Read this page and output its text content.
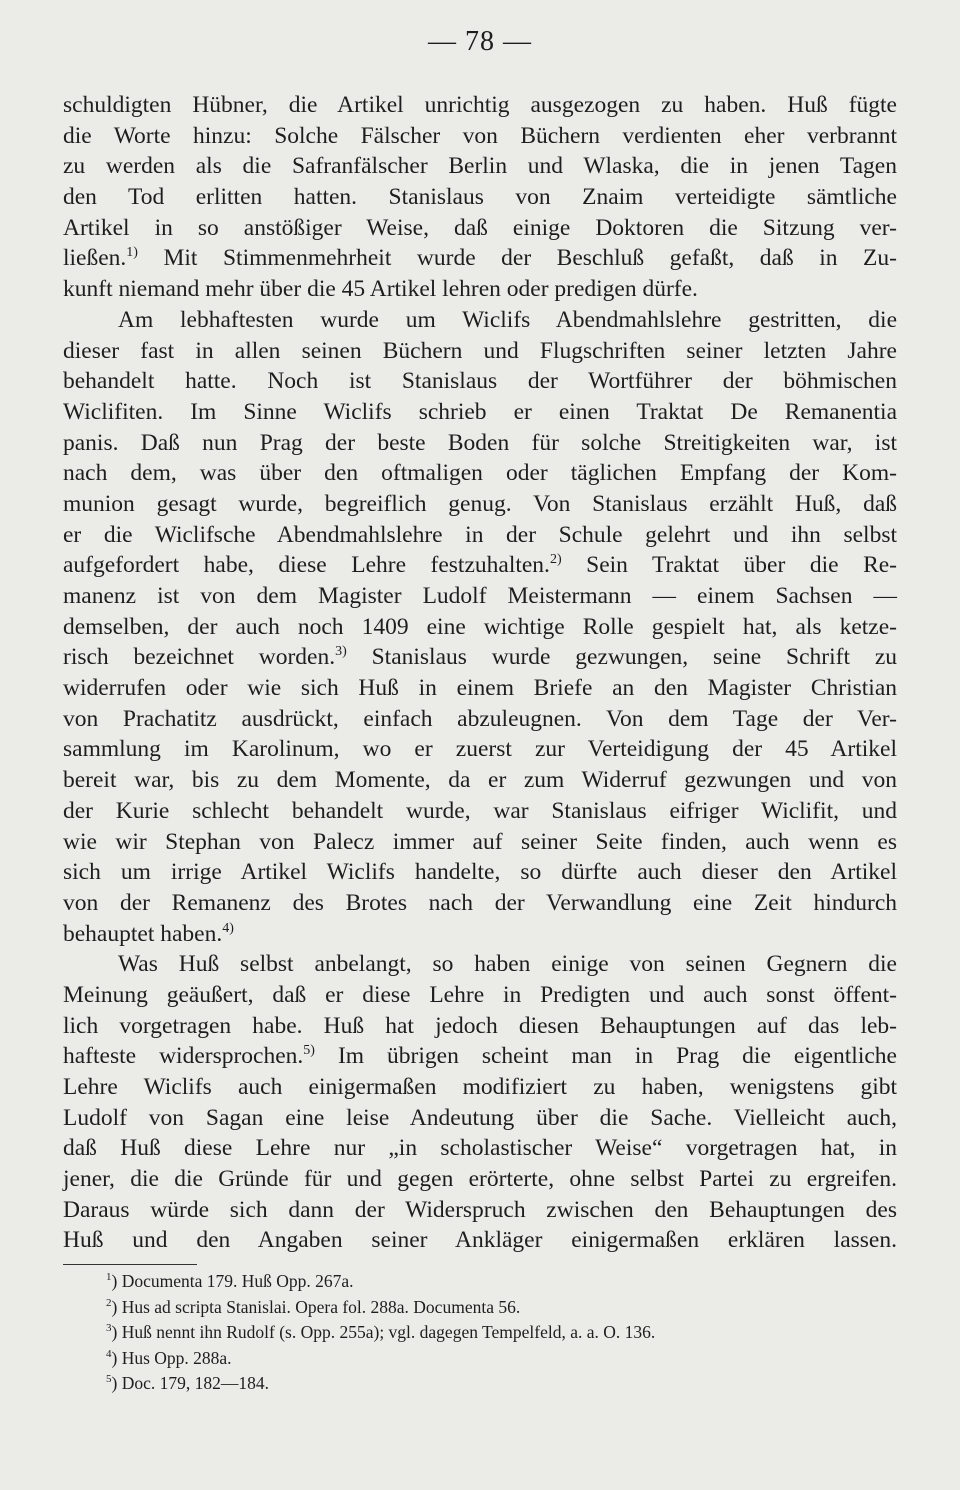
— 78 —
schuldigten Hübner, die Artikel unrichtig ausgezogen zu haben. Huß fügte
die Worte hinzu: Solche Fälscher von Büchern verdienten eher verbrannt
zu werden als die Safranfälscher Berlin und Wlaska, die in jenen Tagen
den Tod erlitten hatten. Stanislaus von Znaim verteidigte sämtliche
Artikel in so anstößiger Weise, daß einige Doktoren die Sitzung ver-
ließen.$^{1)}$ Mit Stimmenmehrheit wurde der Beschluß gefaßt, daß in Zu-
kunft niemand mehr über die 45 Artikel lehren oder predigen dürfe.
Am lebhaftesten wurde um Wiclifs Abendmahlslehre gestritten, die
dieser fast in allen seinen Büchern und Flugschriften seiner letzten Jahre
behandelt hatte. Noch ist Stanislaus der Wortführer der böhmischen
Wiclifiten. Im Sinne Wiclifs schrieb er einen Traktat De Remanentia
panis. Daß nun Prag der beste Boden für solche Streitigkeiten war, ist
nach dem, was über den oftmaligen oder täglichen Empfang der Kom-
munion gesagt wurde, begreiflich genug. Von Stanislaus erzählt Huß, daß
er die Wiclifsche Abendmahlslehre in der Schule gelehrt und ihn selbst
aufgefordert habe, diese Lehre festzuhalten.$^{2)}$ Sein Traktat über die Re-
manenz ist von dem Magister Ludolf Meistermann — einem Sachsen —
demselben, der auch noch 1409 eine wichtige Rolle gespielt hat, als ketze-
risch bezeichnet worden.$^{3)}$ Stanislaus wurde gezwungen, seine Schrift zu
widerrufen oder wie sich Huß in einem Briefe an den Magister Christian
von Prachatitz ausdrückt, einfach abzuleugnen. Von dem Tage der Ver-
sammlung im Karolinum, wo er zuerst zur Verteidigung der 45 Artikel
bereit war, bis zu dem Momente, da er zum Widerruf gezwungen und von
der Kurie schlecht behandelt wurde, war Stanislaus eifriger Wiclifit, und
wie wir Stephan von Palecz immer auf seiner Seite finden, auch wenn es
sich um irrige Artikel Wiclifs handelte, so dürfte auch dieser den Artikel
von der Remanenz des Brotes nach der Verwandlung eine Zeit hindurch
behauptet haben.$^{4)}$
Was Huß selbst anbelangt, so haben einige von seinen Gegnern die
Meinung geäußert, daß er diese Lehre in Predigten und auch sonst öffent-
lich vorgetragen habe. Huß hat jedoch diesen Behauptungen auf das leb-
hafteste widersprochen.$^{5)}$ Im übrigen scheint man in Prag die eigentliche
Lehre Wiclifs auch einigermaßen modifiziert zu haben, wenigstens gibt
Ludolf von Sagan eine leise Andeutung über die Sache. Vielleicht auch,
daß Huß diese Lehre nur „in scholastischer Weise“ vorgetragen hat, in
jener, die die Gründe für und gegen erörterte, ohne selbst Partei zu ergreifen.
Daraus würde sich dann der Widerspruch zwischen den Behauptungen des
Huß und den Angaben seiner Ankläger einigermaßen erklären lassen.
$^1$) Documenta 179. Huß Opp. 267a.
$^2$) Hus ad scripta Stanislai. Opera fol. 288a. Documenta 56.
$^3$) Huß nennt ihn Rudolf (s. Opp. 255a); vgl. dagegen Tempelfeld, a. a. O. 136.
$^4$) Hus Opp. 288a.
$^5$) Doc. 179, 182—184.
